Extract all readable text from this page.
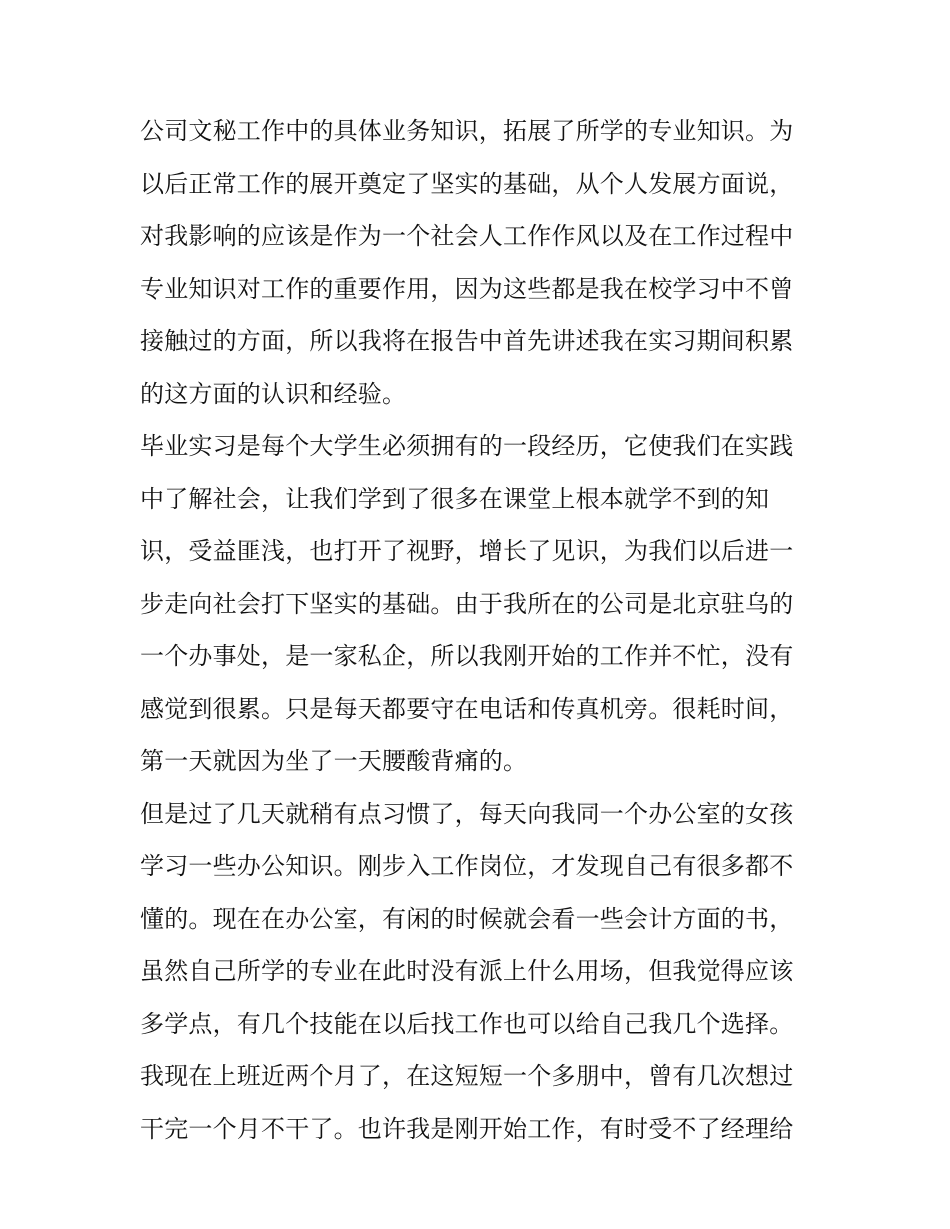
公司文秘工作中的具体业务知识，拓展了所学的专业知识。为
以后正常工作的展开奠定了坚实的基础，从个人发展方面说，
对我影响的应该是作为一个社会人工作作风以及在工作过程中
专业知识对工作的重要作用，因为这些都是我在校学习中不曾
接触过的方面，所以我将在报告中首先讲述我在实习期间积累
的这方面的认识和经验。
毕业实习是每个大学生必须拥有的一段经历，它使我们在实践
中了解社会，让我们学到了很多在课堂上根本就学不到的知
识，受益匪浅，也打开了视野，增长了见识，为我们以后进一
步走向社会打下坚实的基础。由于我所在的公司是北京驻乌的
一个办事处，是一家私企，所以我刚开始的工作并不忙，没有
感觉到很累。只是每天都要守在电话和传真机旁。很耗时间，
第一天就因为坐了一天腰酸背痛的。
但是过了几天就稍有点习惯了，每天向我同一个办公室的女孩
学习一些办公知识。刚步入工作岗位，才发现自己有很多都不
懂的。现在在办公室，有闲的时候就会看一些会计方面的书，
虽然自己所学的专业在此时没有派上什么用场，但我觉得应该
多学点，有几个技能在以后找工作也可以给自己我几个选择。
我现在上班近两个月了，在这短短一个多朋中，曾有几次想过
干完一个月不干了。也许我是刚开始工作，有时受不了经理给
